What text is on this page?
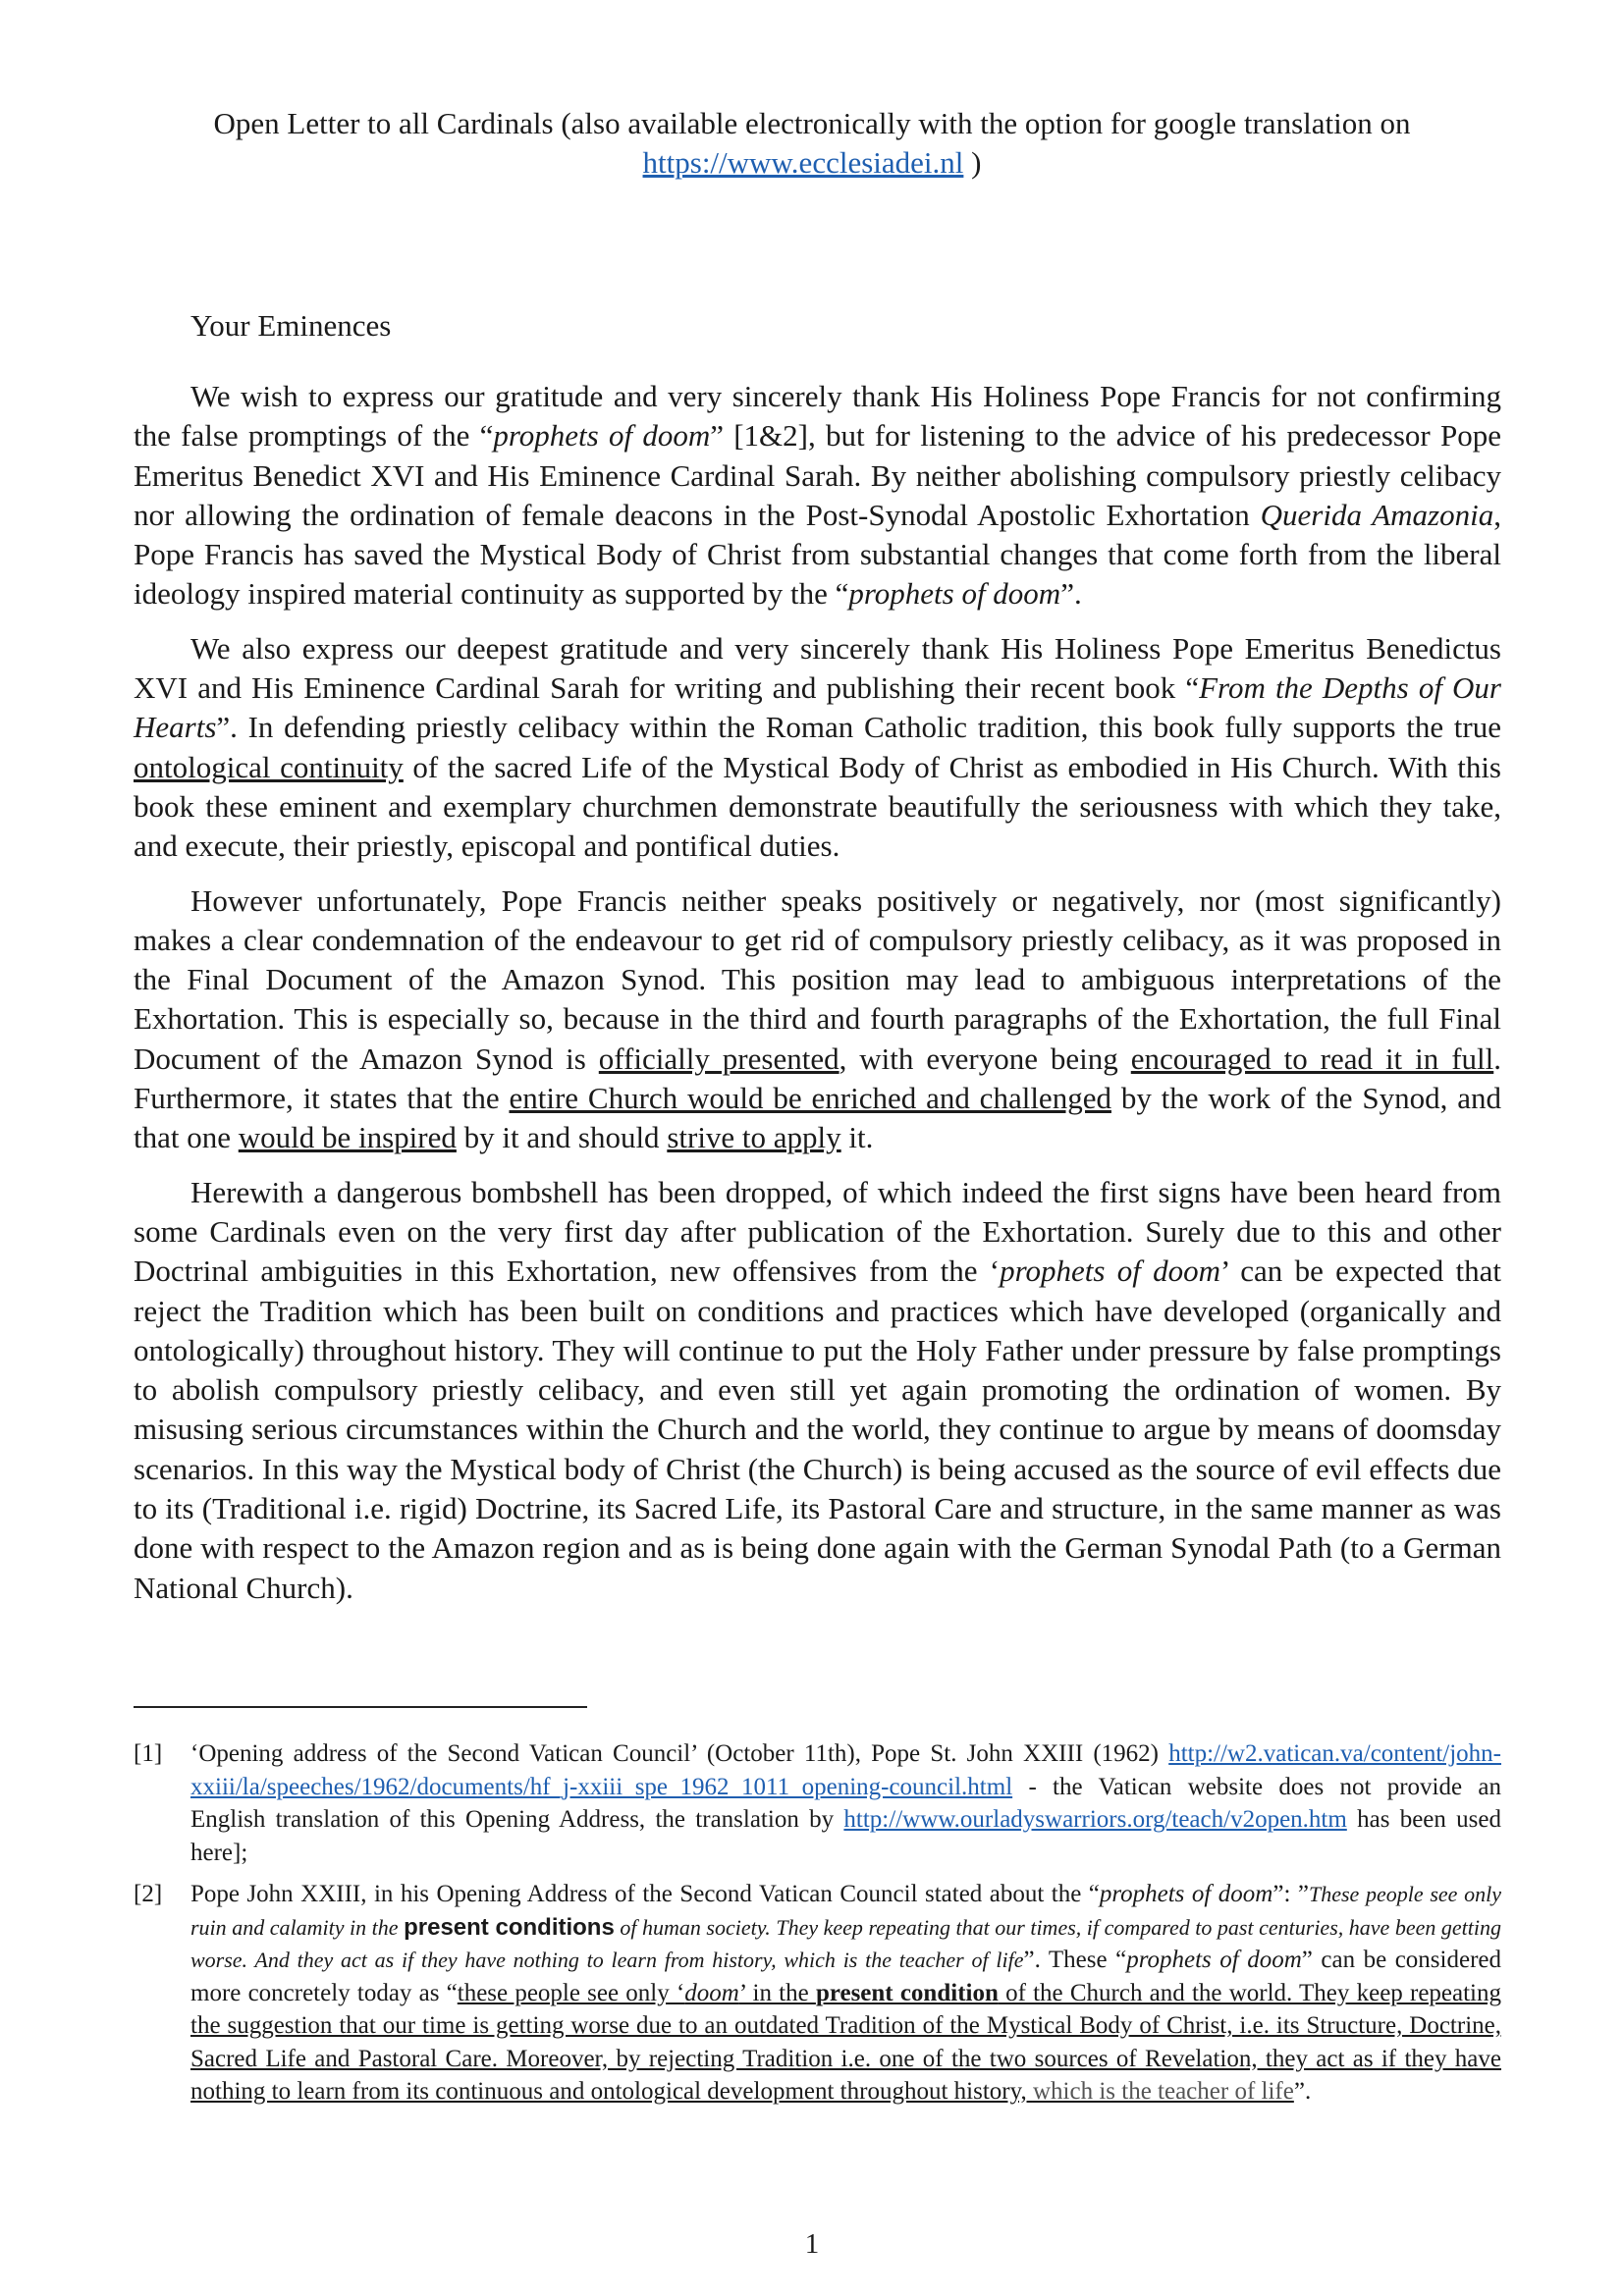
Open Letter to all Cardinals (also available electronically with the option for google translation on
https://www.ecclesiadei.nl )
Your Eminences

We wish to express our gratitude and very sincerely thank His Holiness Pope Francis for not confirming the false promptings of the “prophets of doom” [1&2], but for listening to the advice of his predecessor Pope Emeritus Benedict XVI and His Eminence Cardinal Sarah. By neither abolishing compulsory priestly celibacy nor allowing the ordination of female deacons in the Post-Synodal Apostolic Exhortation Querida Amazonia, Pope Francis has saved the Mystical Body of Christ from substantial changes that come forth from the liberal ideology inspired material continuity as supported by the “prophets of doom”.

We also express our deepest gratitude and very sincerely thank His Holiness Pope Emeritus Benedictus XVI and His Eminence Cardinal Sarah for writing and publishing their recent book “From the Depths of Our Hearts”. In defending priestly celibacy within the Roman Catholic tradition, this book fully supports the true ontological continuity of the sacred Life of the Mystical Body of Christ as embodied in His Church. With this book these eminent and exemplary churchmen demonstrate beautifully the seriousness with which they take, and execute, their priestly, episcopal and pontifical duties.

However unfortunately, Pope Francis neither speaks positively or negatively, nor (most significantly) makes a clear condemnation of the endeavour to get rid of compulsory priestly celibacy, as it was proposed in the Final Document of the Amazon Synod. This position may lead to ambiguous interpretations of the Exhortation. This is especially so, because in the third and fourth paragraphs of the Exhortation, the full Final Document of the Amazon Synod is officially presented, with everyone being encouraged to read it in full. Furthermore, it states that the entire Church would be enriched and challenged by the work of the Synod, and that one would be inspired by it and should strive to apply it.

Herewith a dangerous bombshell has been dropped, of which indeed the first signs have been heard from some Cardinals even on the very first day after publication of the Exhortation. Surely due to this and other Doctrinal ambiguities in this Exhortation, new offensives from the ‘prophets of doom’ can be expected that reject the Tradition which has been built on conditions and practices which have developed (organically and ontologically) throughout history. They will continue to put the Holy Father under pressure by false promptings to abolish compulsory priestly celibacy, and even still yet again promoting the ordination of women. By misusing serious circumstances within the Church and the world, they continue to argue by means of doomsday scenarios. In this way the Mystical body of Christ (the Church) is being accused as the source of evil effects due to its (Traditional i.e. rigid) Doctrine, its Sacred Life, its Pastoral Care and structure, in the same manner as was done with respect to the Amazon region and as is being done again with the German Synodal Path (to a German National Church).

[1]	‘Opening address of the Second Vatican Council’ (October 11th), Pope St. John XXIII (1962) http://w2.vatican.va/content/john-xxiii/la/speeches/1962/documents/hf_j-xxiii_spe_1962_1011_opening-council.html - the Vatican website does not provide an English translation of this Opening Address, the translation by http://www.ourladyswarriors.org/teach/v2open.htm has been used here];
[2]	Pope John XXIII, in his Opening Address of the Second Vatican Council stated about the “prophets of doom”: ”These people see only ruin and calamity in the present conditions of human society. They keep repeating that our times, if compared to past centuries, have been getting worse. And they act as if they have nothing to learn from history, which is the teacher of life”. These “prophets of doom” can be considered more concretely today as “these people see only ‘doom’ in the present condition of the Church and the world. They keep repeating the suggestion that our time is getting worse due to an outdated Tradition of the Mystical Body of Christ, i.e. its Structure, Doctrine, Sacred Life and Pastoral Care. Moreover, by rejecting Tradition i.e. one of the two sources of Revelation, they act as if they have nothing to learn from its continuous and ontological development throughout history, which is the teacher of life”.
1
